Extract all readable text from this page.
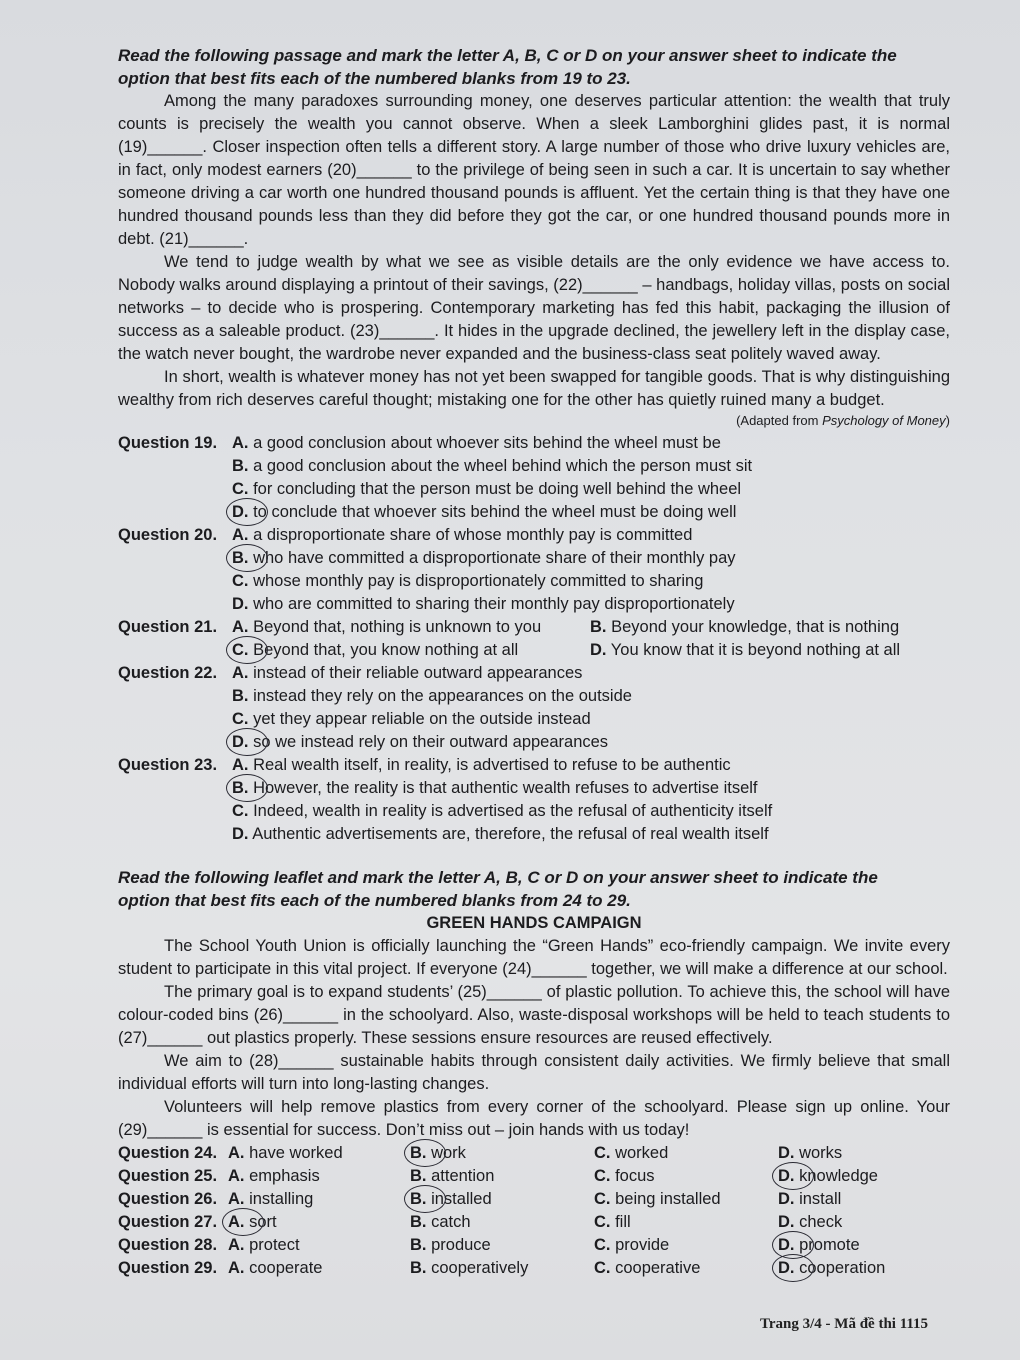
Read the following passage and mark the letter A, B, C or D on your answer sheet to indicate the
option that best fits each of the numbered blanks from 19 to 23.

Among the many paradoxes surrounding money, one deserves particular attention: the wealth that truly counts is precisely the wealth you cannot observe. When a sleek Lamborghini glides past, it is normal (19)______. Closer inspection often tells a different story. A large number of those who drive luxury vehicles are, in fact, only modest earners (20)______ to the privilege of being seen in such a car. It is uncertain to say whether someone driving a car worth one hundred thousand pounds is affluent. Yet the certain thing is that they have one hundred thousand pounds less than they did before they got the car, or one hundred thousand pounds more in debt. (21)______.

We tend to judge wealth by what we see as visible details are the only evidence we have access to. Nobody walks around displaying a printout of their savings, (22)______ – handbags, holiday villas, posts on social networks – to decide who is prospering. Contemporary marketing has fed this habit, packaging the illusion of success as a saleable product. (23)______. It hides in the upgrade declined, the jewellery left in the display case, the watch never bought, the wardrobe never expanded and the business-class seat politely waved away.

In short, wealth is whatever money has not yet been swapped for tangible goods. That is why distinguishing wealthy from rich deserves careful thought; mistaking one for the other has quietly ruined many a budget.

(Adapted from Psychology of Money)

Question 19. A. a good conclusion about whoever sits behind the wheel must be
B. a good conclusion about the wheel behind which the person must sit
C. for concluding that the person must be doing well behind the wheel
D. to conclude that whoever sits behind the wheel must be doing well
Question 20. A. a disproportionate share of whose monthly pay is committed
B. who have committed a disproportionate share of their monthly pay
C. whose monthly pay is disproportionately committed to sharing
D. who are committed to sharing their monthly pay disproportionately
Question 21. A. Beyond that, nothing is unknown to you	B. Beyond your knowledge, that is nothing
C. Beyond that, you know nothing at all	D. You know that it is beyond nothing at all
Question 22. A. instead of their reliable outward appearances
B. instead they rely on the appearances on the outside
C. yet they appear reliable on the outside instead
D. so we instead rely on their outward appearances
Question 23. A. Real wealth itself, in reality, is advertised to refuse to be authentic
B. However, the reality is that authentic wealth refuses to advertise itself
C. Indeed, wealth in reality is advertised as the refusal of authenticity itself
D. Authentic advertisements are, therefore, the refusal of real wealth itself

Read the following leaflet and mark the letter A, B, C or D on your answer sheet to indicate the
option that best fits each of the numbered blanks from 24 to 29.

GREEN HANDS CAMPAIGN

The School Youth Union is officially launching the “Green Hands” eco-friendly campaign. We invite every student to participate in this vital project. If everyone (24)______ together, we will make a difference at our school.

The primary goal is to expand students’ (25)______ of plastic pollution. To achieve this, the school will have colour-coded bins (26)______ in the schoolyard. Also, waste-disposal workshops will be held to teach students to (27)______ out plastics properly. These sessions ensure resources are reused effectively.

We aim to (28)______ sustainable habits through consistent daily activities. We firmly believe that small individual efforts will turn into long-lasting changes.

Volunteers will help remove plastics from every corner of the schoolyard. Please sign up online. Your (29)______ is essential for success. Don’t miss out – join hands with us today!

Question 24. A. have worked	B. work	C. worked	D. works
Question 25. A. emphasis	B. attention	C. focus	D. knowledge
Question 26. A. installing	B. installed	C. being installed	D. install
Question 27. A. sort	B. catch	C. fill	D. check
Question 28. A. protect	B. produce	C. provide	D. promote
Question 29. A. cooperate	B. cooperatively	C. cooperative	D. cooperation
Trang 3/4 - Mã đề thi 1115
